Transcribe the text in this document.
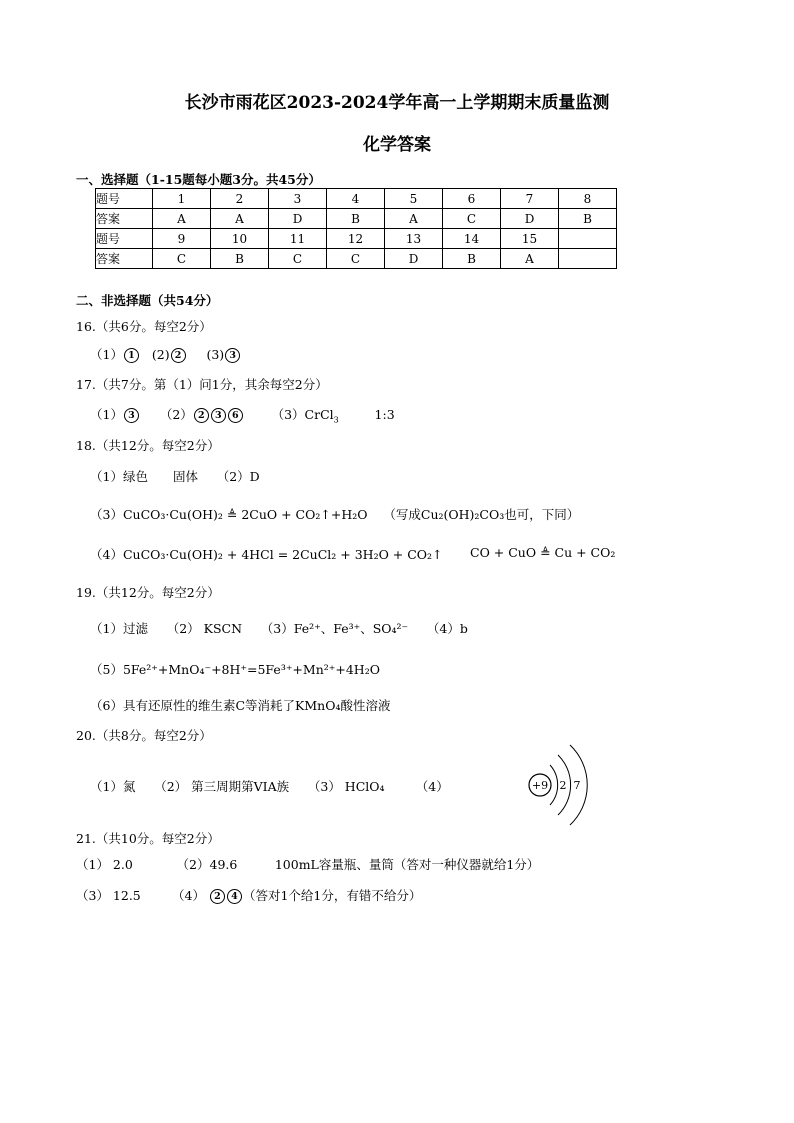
长沙市雨花区2023-2024学年高一上学期期末质量监测
化学答案
一、选择题（1-15题每小题3分。共45分）
题号	1	2	3	4	5	6	7	8
答案	A	A	D	B	A	C	D	B
题号	9	10	11	12	13	14	15	
答案	C	B	C	C	D	B	A	
二、非选择题（共54分）
16.（共6分。每空2分）
（1） 1 (2) 2 (3) 3
17.（共7分。第（1）问1分，其余每空2分）
（1） 3 （2） 2 3 6	（3）CrCl$_3$	1:3
18.（共12分。每空2分）
（1）绿色　　固体　　（2）D
（3）CuCO₃·Cu(OH)₂ ≜ 2CuO + CO₂↑+H₂O （写成Cu₂(OH)₂CO₃也可，下同）
（4）CuCO₃·Cu(OH)₂ + 4HCl = 2CuCl₂ + 3H₂O + CO₂↑ CO + CuO ≜ Cu + CO₂
19.（共12分。每空2分）
（1）过滤　　（2） KSCN　　（3）Fe²⁺、Fe³⁺、SO₄²⁻　　（4）b
（5）5Fe²⁺+MnO₄⁻+8H⁺=5Fe³⁺+Mn²⁺+4H₂O
（6）具有还原性的维生素C等消耗了KMnO₄酸性溶液
20.（共8分。每空2分）
（1）氮　　（2） 第三周期第VIA族　　（3） HClO₄　　　（4）	+9 2 7
21.（共10分。每空2分）
（1） 2.0　　　　（2）49.6　　　100mL容量瓶、量筒（答对一种仪器就给1分）
（3） 12.5　　　（4） 2 4 （答对1个给1分，有错不给分）
